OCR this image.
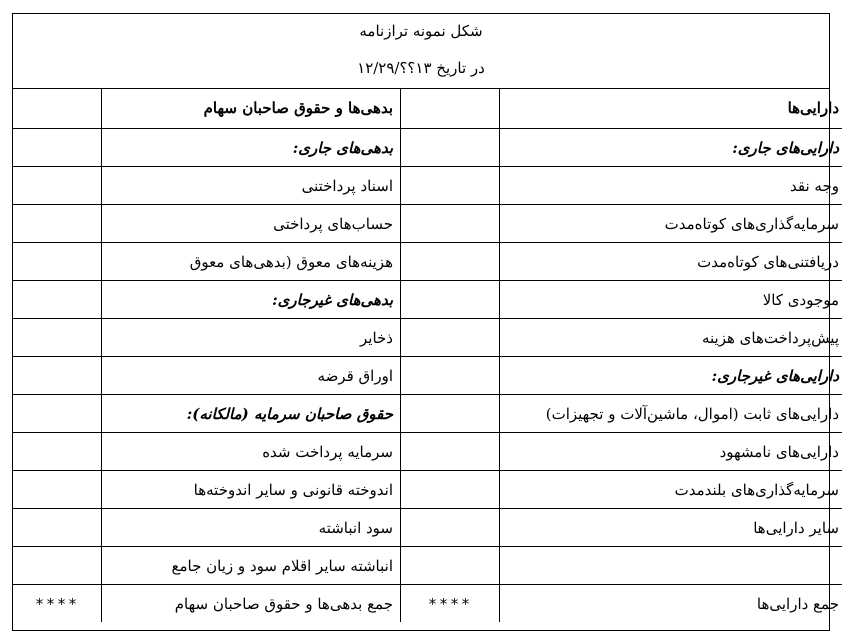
شکل نمونه ترازنامه
در تاریخ ۱۳؟؟/۱۲/۲۹
دارایی‌ها		بدهی‌ها و حقوق صاحبان سهام	
دارایی‌های جاری:		بدهی‌های جاری:	
وجه نقد		اسناد پرداختنی	
سرمایه‌گذاری‌های کوتاه‌مدت		حساب‌های پرداختی	
دریافتنی‌های کوتاه‌مدت		هزینه‌های معوق (بدهی‌های معوق	
موجودی کالا		بدهی‌های غیرجاری:	
پیش‌پرداخت‌های هزینه		ذخایر	
دارایی‌های غیرجاری:		اوراق قرضه	
دارایی‌های ثابت (اموال، ماشین‌آلات و تجهیزات)		حقوق صاحبان سرمایه (مالکانه):	
دارایی‌های نامشهود		سرمایه پرداخت شده	
سرمایه‌گذاری‌های بلندمدت		اندوخته قانونی و سایر اندوخته‌ها	
سایر دارایی‌ها		سود انباشته	
		انباشته سایر اقلام سود و زیان جامع	
جمع دارایی‌ها	****	جمع بدهی‌ها و حقوق صاحبان سهام	****
